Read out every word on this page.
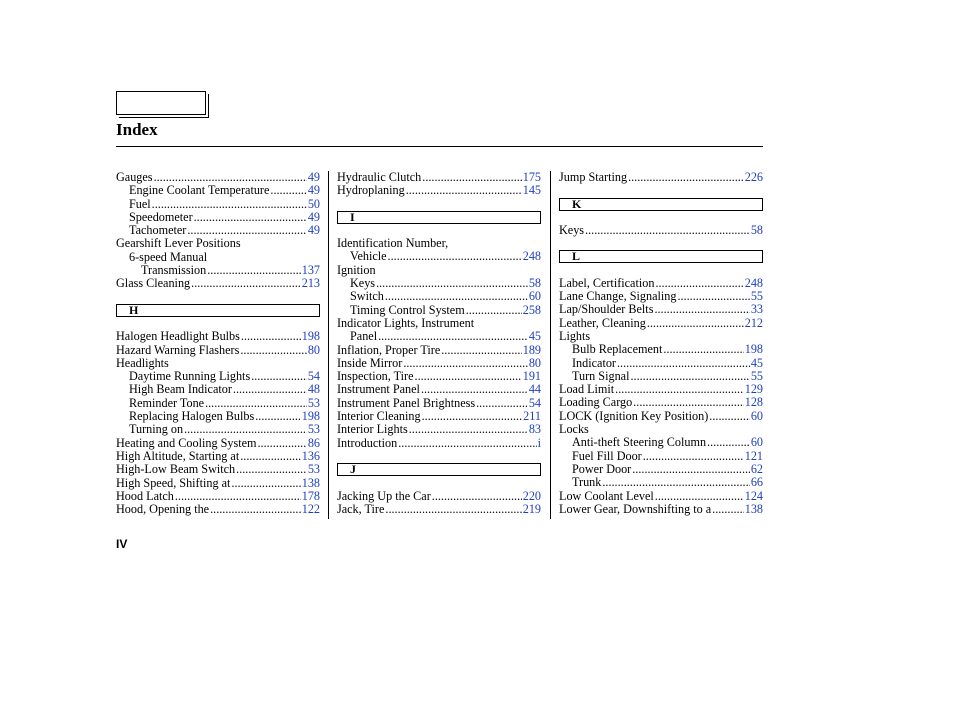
Index
Gauges .....	49
Engine Coolant Temperature .....	49
Fuel .....	50
Speedometer .....	49
Tachometer .....	49
Gearshift Lever Positions
6-speed Manual
Transmission .....	137
Glass Cleaning .....	213
H
Halogen Headlight Bulbs .....	198
Hazard Warning Flashers .....	80
Headlights
Daytime Running Lights .....	54
High Beam Indicator .....	48
Reminder Tone .....	53
Replacing Halogen Bulbs .....	198
Turning on .....	53
Heating and Cooling System .....	86
High Altitude, Starting at .....	136
High-Low Beam Switch .....	53
High Speed, Shifting at .....	138
Hood Latch .....	178
Hood, Opening the .....	122
Hydraulic Clutch .....	175
Hydroplaning .....	145
I
Identification Number,
Vehicle .....	248
Ignition
Keys .....	58
Switch .....	60
Timing Control System .....	258
Indicator Lights, Instrument
Panel .....	45
Inflation, Proper Tire .....	189
Inside Mirror .....	80
Inspection, Tire .....	191
Instrument Panel .....	44
Instrument Panel Brightness .....	54
Interior Cleaning .....	211
Interior Lights .....	83
Introduction .....	i
J
Jacking Up the Car .....	220
Jack, Tire .....	219
Jump Starting .....	226
K
Keys .....	58
L
Label, Certification .....	248
Lane Change, Signaling .....	55
Lap/Shoulder Belts .....	33
Leather, Cleaning .....	212
Lights
Bulb Replacement .....	198
Indicator .....	45
Turn Signal .....	55
Load Limit .....	129
Loading Cargo .....	128
LOCK (Ignition Key Position) .....	60
Locks
Anti-theft Steering Column .....	60
Fuel Fill Door .....	121
Power Door .....	62
Trunk .....	66
Low Coolant Level .....	124
Lower Gear, Downshifting to a .....	138
IV
